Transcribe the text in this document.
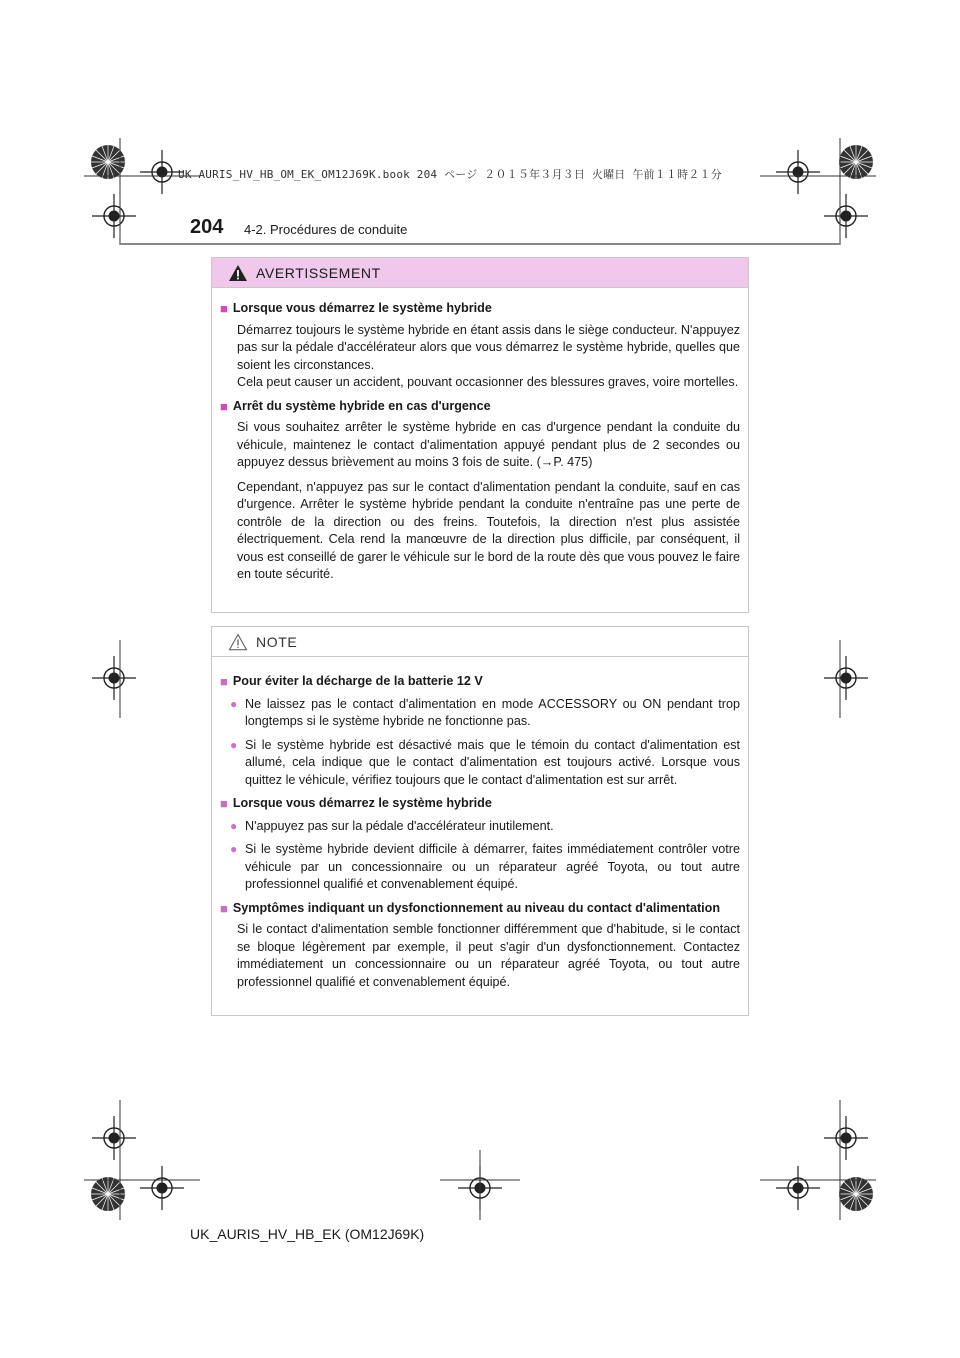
UK AURIS_HV_HB_OM_EK_OM12J69K.book 204 ページ ２０１５年３月３日 火曜日 午前１１時２１分
204 4-2. Procédures de conduite
AVERTISSEMENT
■ Lorsque vous démarrez le système hybride
Démarrez toujours le système hybride en étant assis dans le siège conducteur. N'appuyez pas sur la pédale d'accélérateur alors que vous démarrez le système hybride, quelles que soient les circonstances.
Cela peut causer un accident, pouvant occasionner des blessures graves, voire mortelles.
■ Arrêt du système hybride en cas d'urgence
Si vous souhaitez arrêter le système hybride en cas d'urgence pendant la conduite du véhicule, maintenez le contact d'alimentation appuyé pendant plus de 2 secondes ou appuyez dessus brièvement au moins 3 fois de suite. (→P. 475)
Cependant, n'appuyez pas sur le contact d'alimentation pendant la conduite, sauf en cas d'urgence. Arrêter le système hybride pendant la conduite n'entraîne pas une perte de contrôle de la direction ou des freins. Toutefois, la direction n'est plus assistée électriquement. Cela rend la manœuvre de la direction plus difficile, par conséquent, il vous est conseillé de garer le véhicule sur le bord de la route dès que vous pouvez le faire en toute sécurité.
NOTE
■ Pour éviter la décharge de la batterie 12 V
● Ne laissez pas le contact d'alimentation en mode ACCESSORY ou ON pendant trop longtemps si le système hybride ne fonctionne pas.
● Si le système hybride est désactivé mais que le témoin du contact d'alimentation est allumé, cela indique que le contact d'alimentation est toujours activé. Lorsque vous quittez le véhicule, vérifiez toujours que le contact d'alimentation est sur arrêt.
■ Lorsque vous démarrez le système hybride
● N'appuyez pas sur la pédale d'accélérateur inutilement.
● Si le système hybride devient difficile à démarrer, faites immédiatement contrôler votre véhicule par un concessionnaire ou un réparateur agréé Toyota, ou tout autre professionnel qualifié et convenablement équipé.
■ Symptômes indiquant un dysfonctionnement au niveau du contact d'alimentation
Si le contact d'alimentation semble fonctionner différemment que d'habitude, si le contact se bloque légèrement par exemple, il peut s'agir d'un dysfonctionnement. Contactez immédiatement un concessionnaire ou un réparateur agréé Toyota, ou tout autre professionnel qualifié et convenablement équipé.
UK_AURIS_HV_HB_EK (OM12J69K)
